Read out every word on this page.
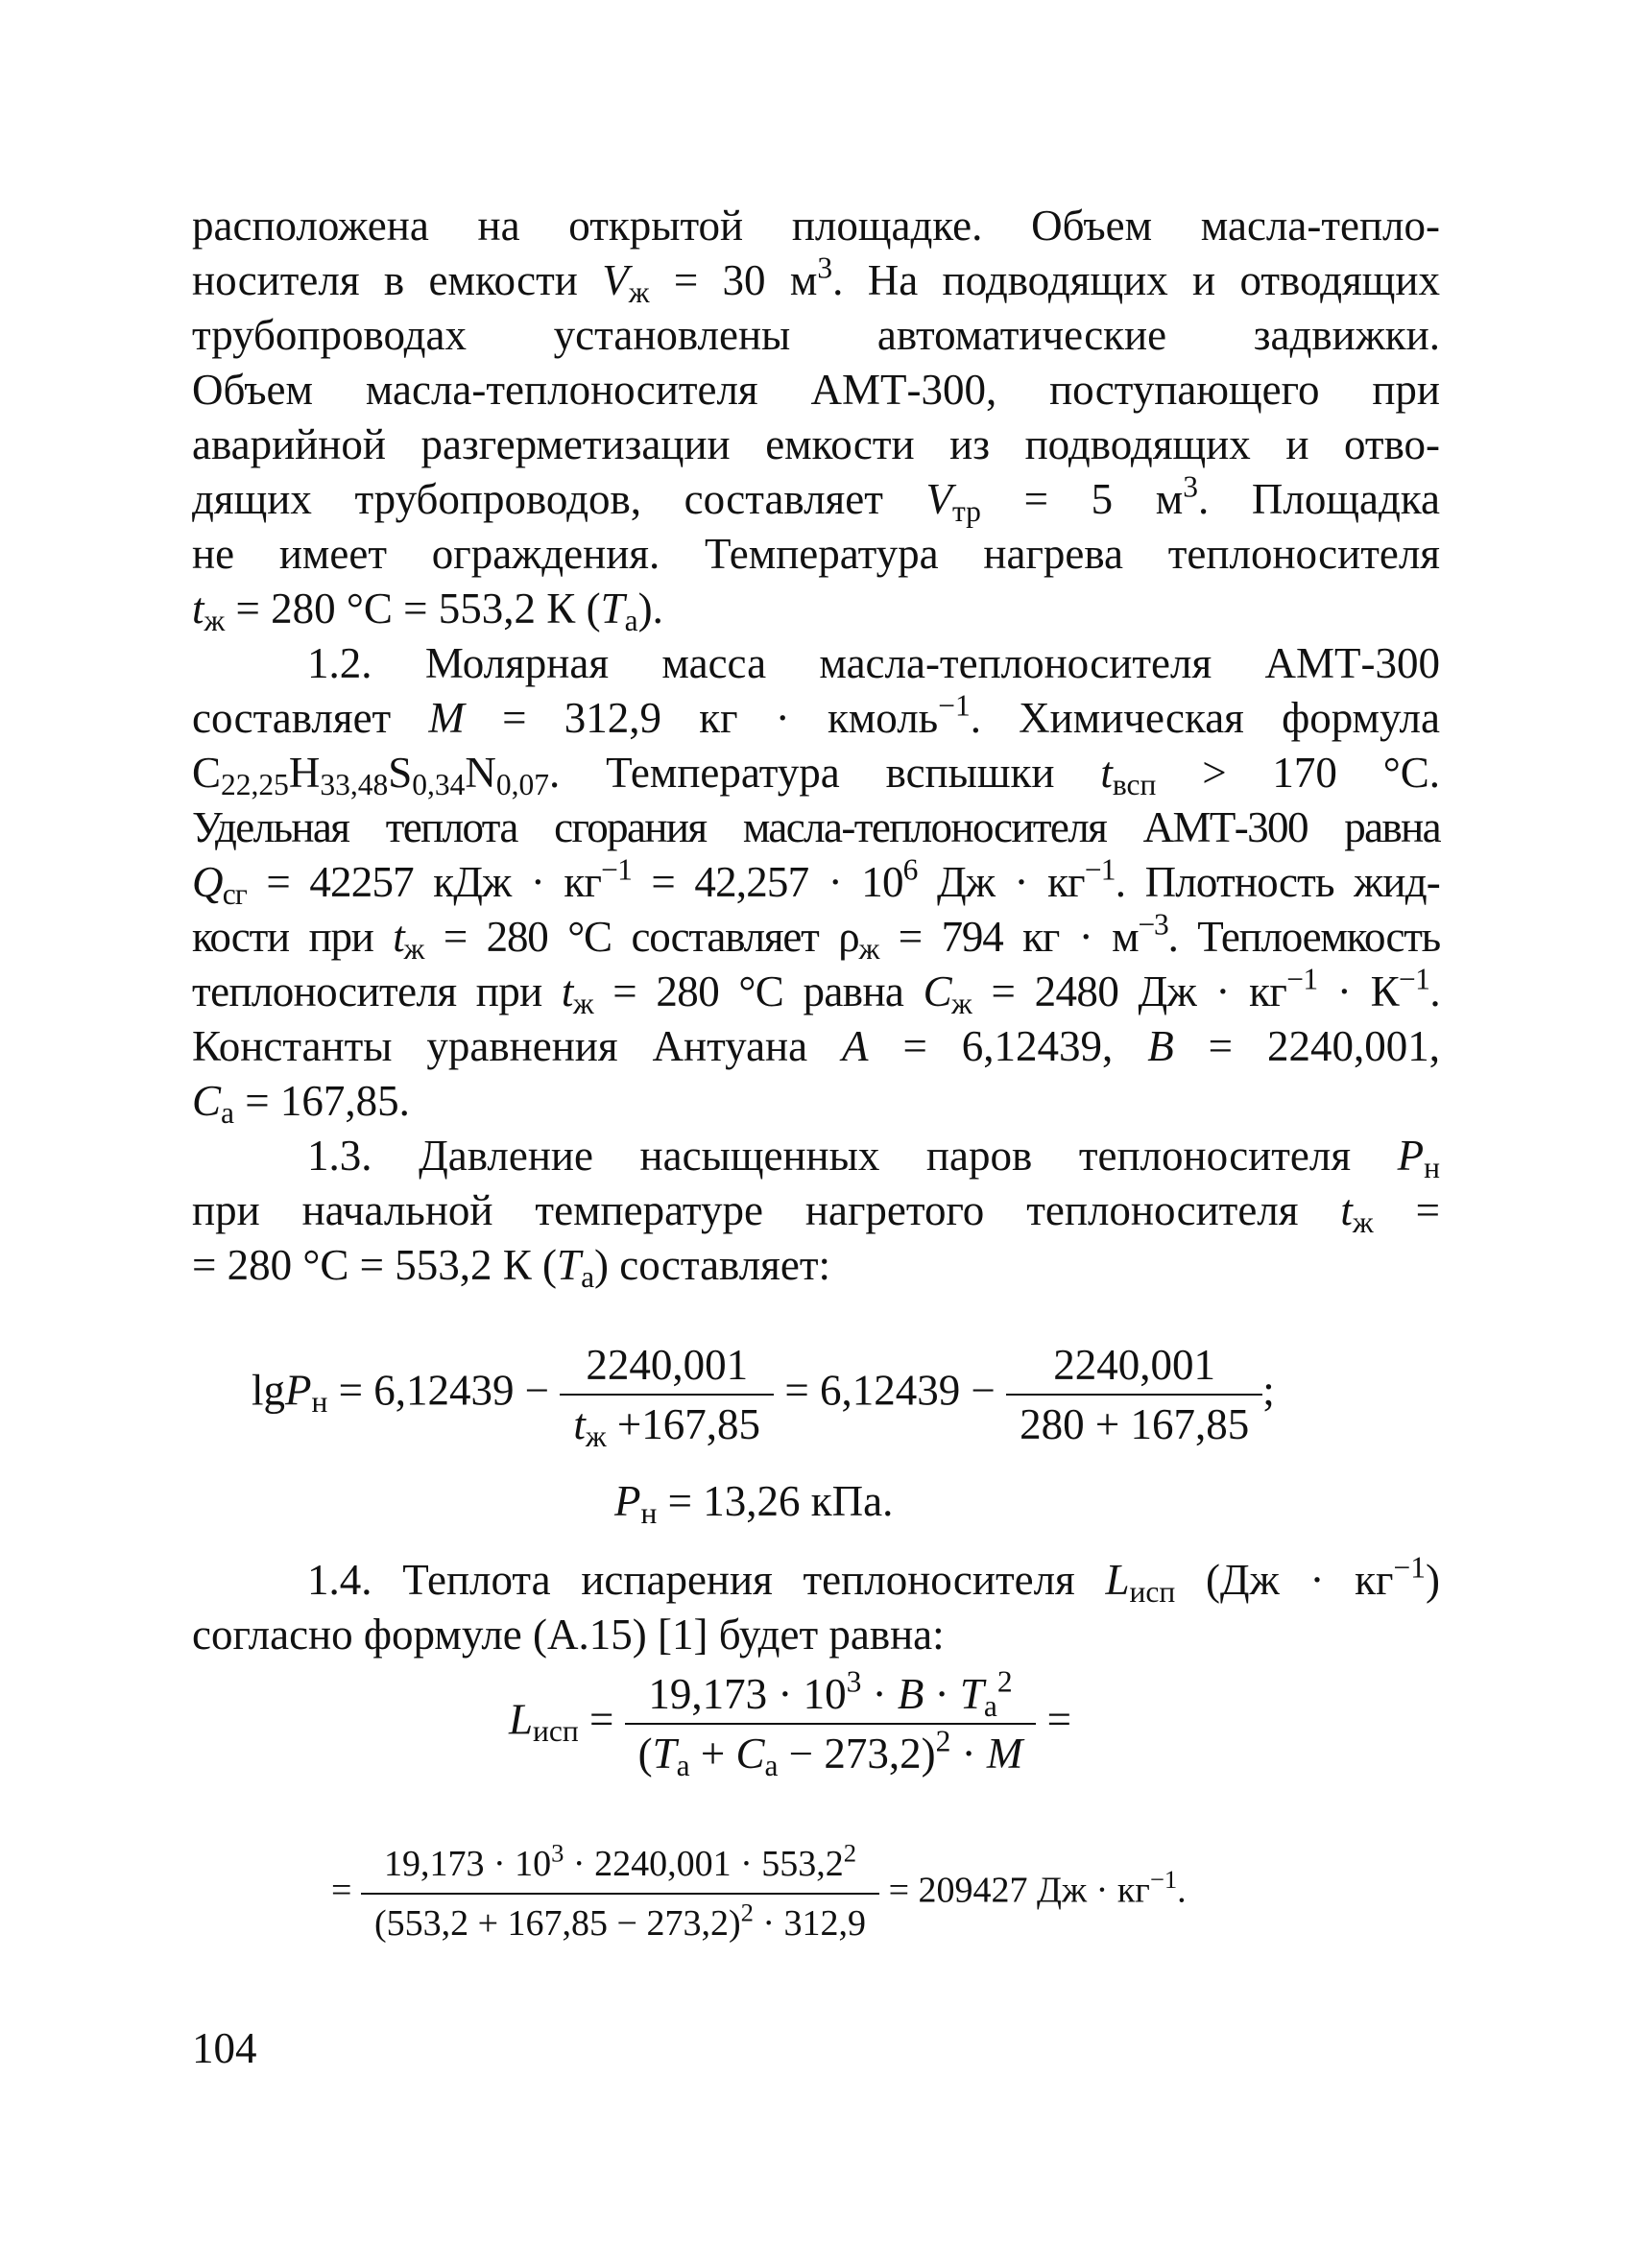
расположена на открытой площадке. Объем масла-тепло-
носителя в емкости $V_ж = 30$ $м^3$. На подводящих и отводящих
трубопроводах установлены автоматические задвижки.
Объем масла-теплоносителя АМТ-300, поступающего при
аварийной разгерметизации емкости из подводящих и отво-
дящих трубопроводов, составляет $V_{тр} = 5$ $м^3$. Площадка
не имеет ограждения. Температура нагрева теплоносителя
$t_ж = 280$ °С = 553,2 К $(T_а)$.
1.2. Молярная масса масла-теплоносителя АМТ-300
составляет M = 312,9 кг · кмоль$^{-1}$. Химическая формула
$C_{22,25}H_{33,48}S_{0,34}N_{0,07}$. Температура вспышки $t_{всп} > 170$ °С.
Удельная теплота сгорания масла-теплоносителя АМТ-300 равна
$Q_{сг} = 42257$ кДж · $кг^{-1} = 42,257 \cdot 10^6$ Дж · $кг^{-1}$. Плотность жид-
кости при $t_ж = 280$ °С составляет $\rho_ж = 794$ кг · $м^{-3}$. Теплоемкость
теплоносителя при $t_ж = 280$ °С равна $C_ж = 2480$ Дж · $кг^{-1} \cdot К^{-1}$.
Константы уравнения Антуана A = 6,12439, B = 2240,001,
$C_а = 167,85$.
1.3. Давление насыщенных паров теплоносителя $P_н$
при начальной температуре нагретого теплоносителя $t_ж$ =
= 280 °С = 553,2 К $(T_а)$ составляет:
$\lg P_н = 6,12439 - \frac{2240,001}{t_ж +167,85} = 6,12439 - \frac{2240,001}{280 + 167,85}$ ;
$P_н = 13,26$ кПа.
1.4. Теплота испарения теплоносителя $L_{исп}$ $(Дж \cdot кг^{-1})$
согласно формуле (А.15) [1] будет равна:
$L_{исп} = \frac{19,173 \cdot 10^3 \cdot B \cdot T_a^2}{(T_a + C_а - 273,2)^2 \cdot M}$ =
= $\frac{19,173 \cdot 10^3 \cdot 2240,001 \cdot 553,2^2}{(553,2 + 167,85 - 273,2)^2 \cdot 312,9} = 209427$ Дж · $кг^{-1}$.
104
